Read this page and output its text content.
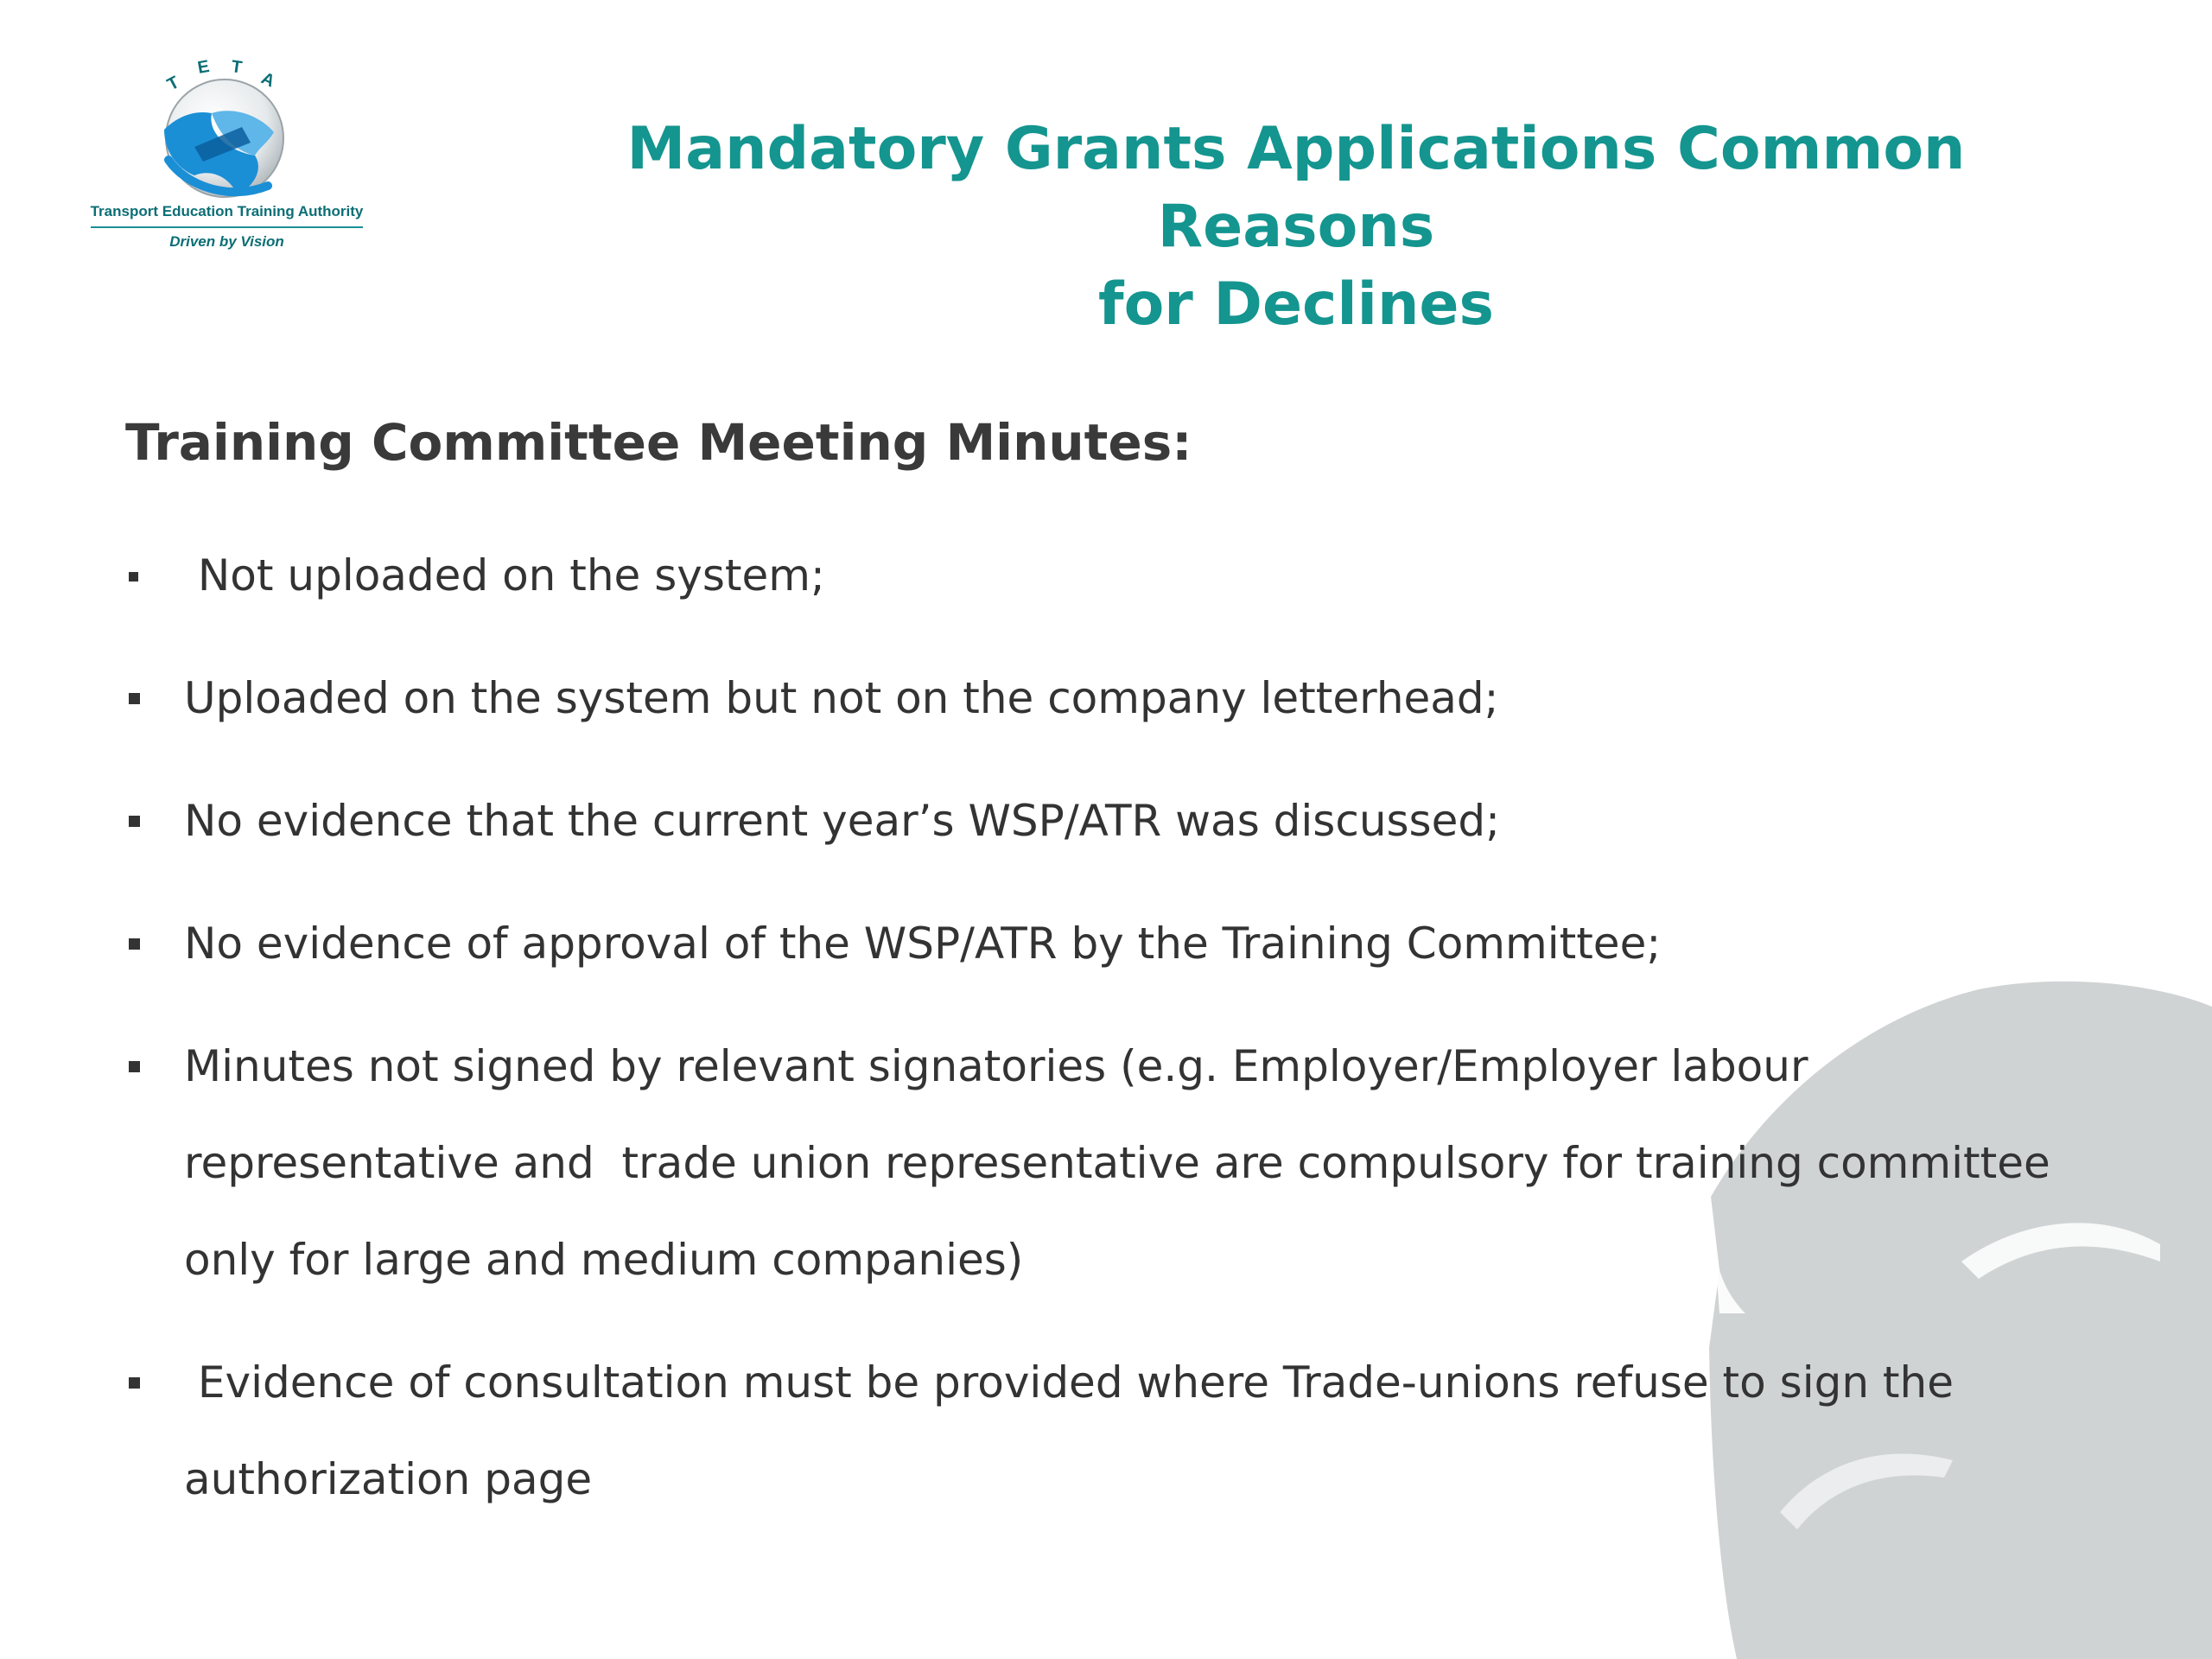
T
E T
A
Transport Education Training Authority
Driven by Vision
Mandatory Grants Applications Common Reasons
for Declines
Training Committee Meeting Minutes:
Not uploaded on the system;
Uploaded on the system but not on the company letterhead;
No evidence that the current year’s WSP/ATR was discussed;
No evidence of approval of the WSP/ATR by the Training Committee;
Minutes not signed by relevant signatories (e.g. Employer/Employer labour representative and  trade union representative are compulsory for training committee only for large and medium companies)
Evidence of consultation must be provided where Trade-unions refuse to sign the authorization page
